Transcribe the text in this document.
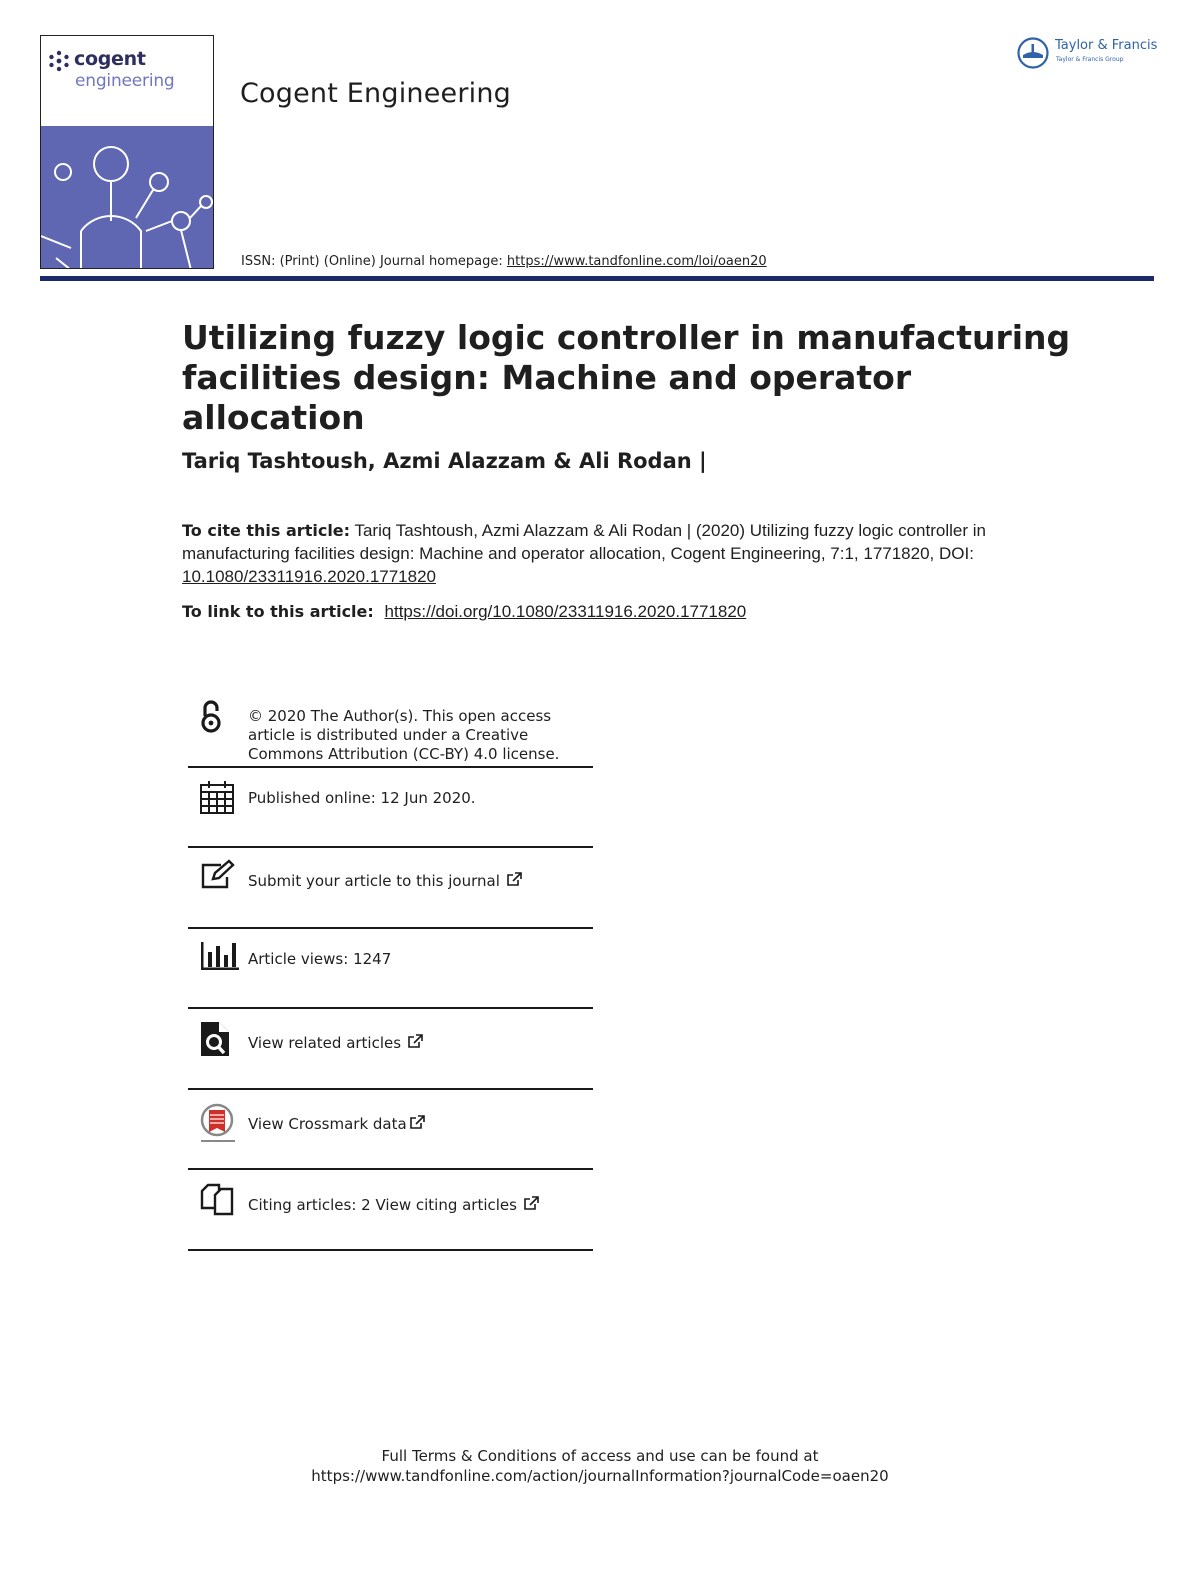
cogent
engineering Cogent Engineering
Taylor & Francis
Taylor & Francis Group
ISSN: (Print) (Online) Journal homepage: https://www.tandfonline.com/loi/oaen20
Utilizing fuzzy logic controller in manufacturing facilities design: Machine and operator allocation
Tariq Tashtoush, Azmi Alazzam & Ali Rodan |
To cite this article: Tariq Tashtoush, Azmi Alazzam & Ali Rodan | (2020) Utilizing fuzzy logic controller in manufacturing facilities design: Machine and operator allocation, Cogent Engineering, 7:1, 1771820, DOI: 10.1080/23311916.2020.1771820
To link to this article: https://doi.org/10.1080/23311916.2020.1771820
© 2020 The Author(s). This open access
article is distributed under a Creative
Commons Attribution (CC-BY) 4.0 license.
Published online: 12 Jun 2020.
Submit your article to this journal
Article views: 1247
View related articles
View Crossmark data
Citing articles: 2 View citing articles
Full Terms & Conditions of access and use can be found at
https://www.tandfonline.com/action/journalInformation?journalCode=oaen20
